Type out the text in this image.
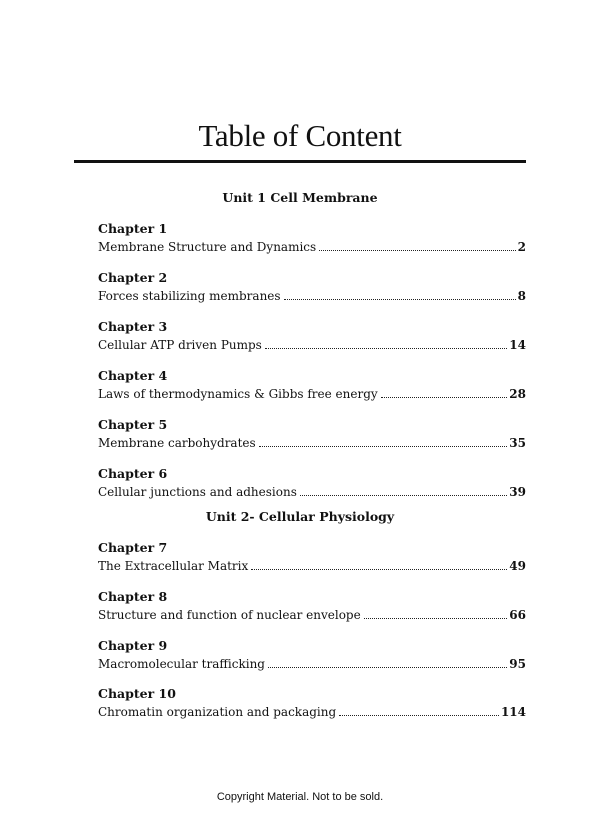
Table of Content
Unit 1 Cell Membrane
Chapter 1
Membrane Structure and Dynamics	2
Chapter 2
Forces stabilizing membranes	8
Chapter 3
Cellular ATP driven Pumps	14
Chapter 4
Laws of thermodynamics & Gibbs free energy	28
Chapter 5
Membrane carbohydrates	35
Chapter 6
Cellular junctions and adhesions	39
Unit 2- Cellular Physiology
Chapter 7
The Extracellular Matrix	49
Chapter 8
Structure and function of nuclear envelope	66
Chapter 9
Macromolecular trafficking	95
Chapter 10
Chromatin organization and packaging	114
Copyright Material. Not to be sold.
